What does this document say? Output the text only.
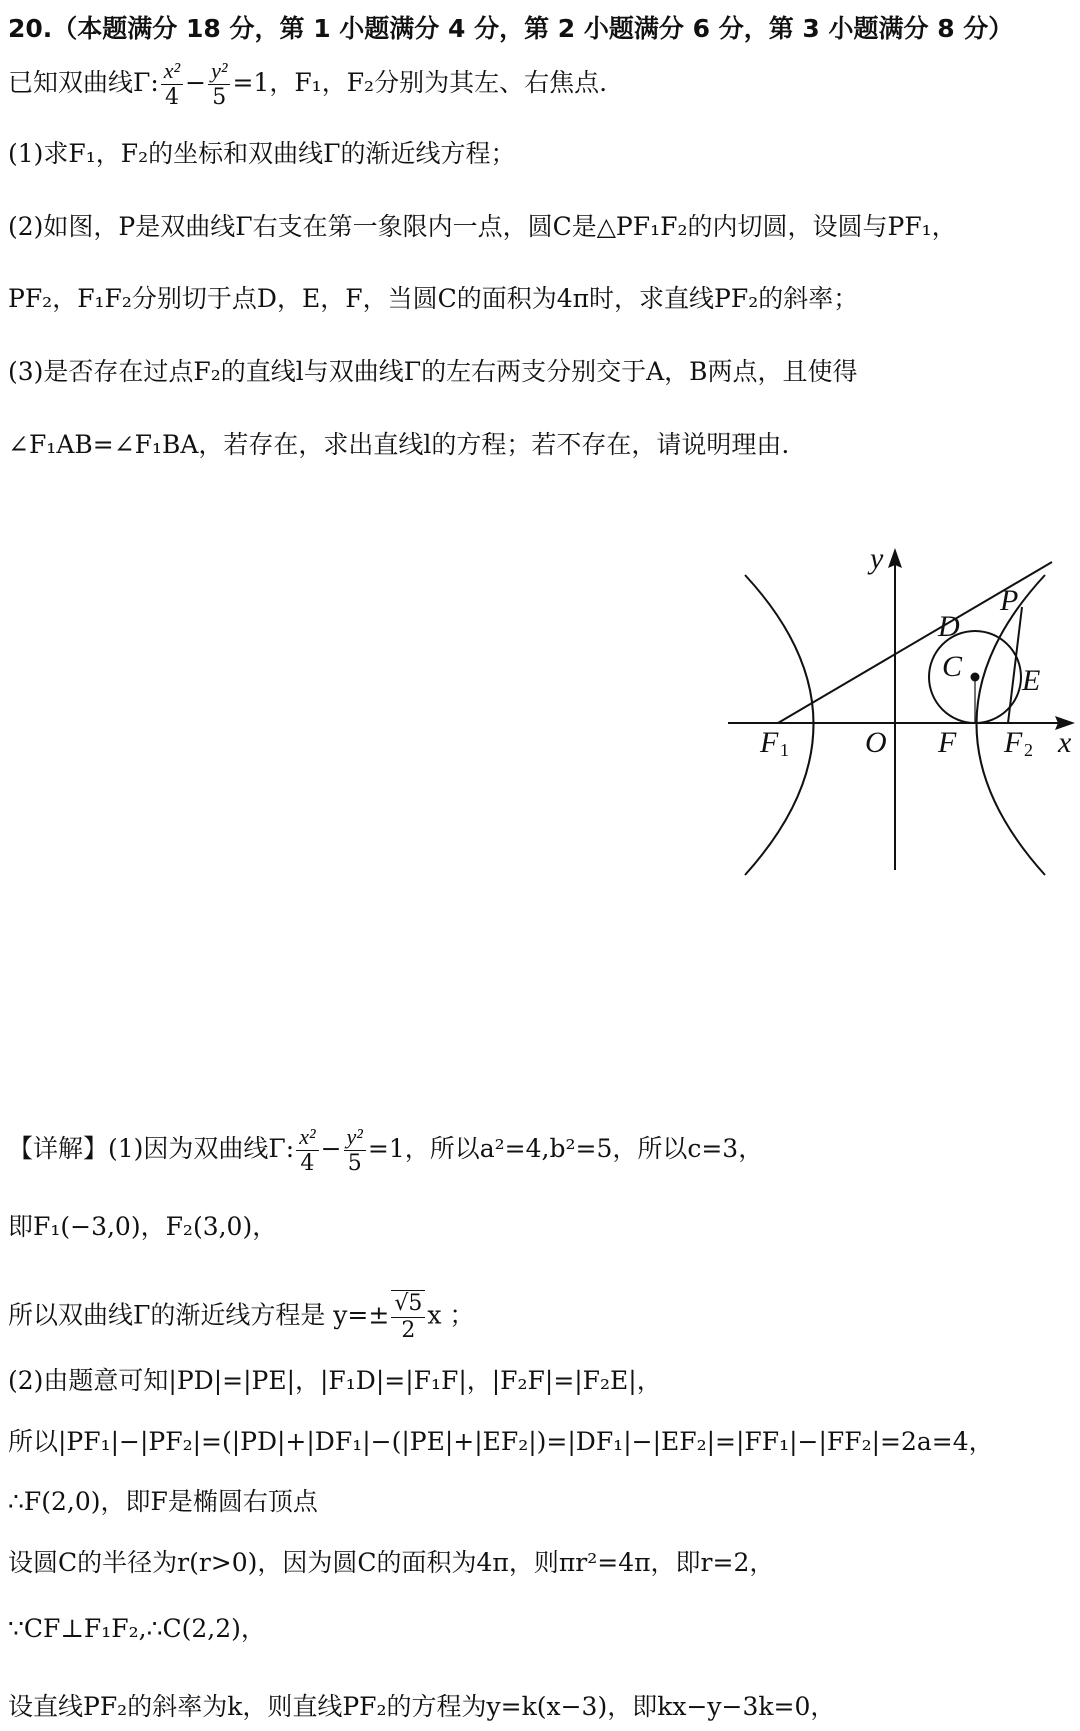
20.（本题满分 18 分，第 1 小题满分 4 分，第 2 小题满分 6 分，第 3 小题满分 8 分）
已知双曲线Γ: $\frac{\text{x²}}{4} - \frac{\text{y²}}{5} =1$，F₁，F₂分别为其左、右焦点.
(1)求F₁，F₂的坐标和双曲线Γ的渐近线方程；
(2)如图，P是双曲线Γ右支在第一象限内一点，圆C是△PF₁F₂的内切圆，设圆与PF₁，
PF₂，F₁F₂分别切于点D，E，F，当圆C的面积为4π时，求直线PF₂的斜率；
(3)是否存在过点F₂的直线l与双曲线Γ的左右两支分别交于A，B两点，且使得
∠F₁AB=∠F₁BA，若存在，求出直线l的方程；若不存在，请说明理由.
y
x
O F
F 1	F 2
P
D
C E
【详解】(1)因为双曲线Γ: $\frac{\text{x²}}{4} - \frac{\text{y²}}{5} =1$，所以a²=4,b²=5，所以c=3，
即F₁(−3,0)，F₂(3,0)，
所以双曲线Γ的渐近线方程是 $y=\pm \frac{√5}{2}$ x ；
(2)由题意可知|PD|=|PE|，|F₁D|=|F₁F|，|F₂F|=|F₂E|，
所以|PF₁|−|PF₂|=(|PD|+|DF₁|−(|PE|+|EF₂|)=|DF₁|−|EF₂|=|FF₁|−|FF₂|=2a=4，
∴F(2,0)，即F是椭圆右顶点
设圆C的半径为r(r>0)，因为圆C的面积为4π，则πr²=4π，即r=2，
∵CF⊥F₁F₂,∴C(2,2)，
设直线PF₂的斜率为k，则直线PF₂的方程为y=k(x−3)，即kx−y−3k=0，
